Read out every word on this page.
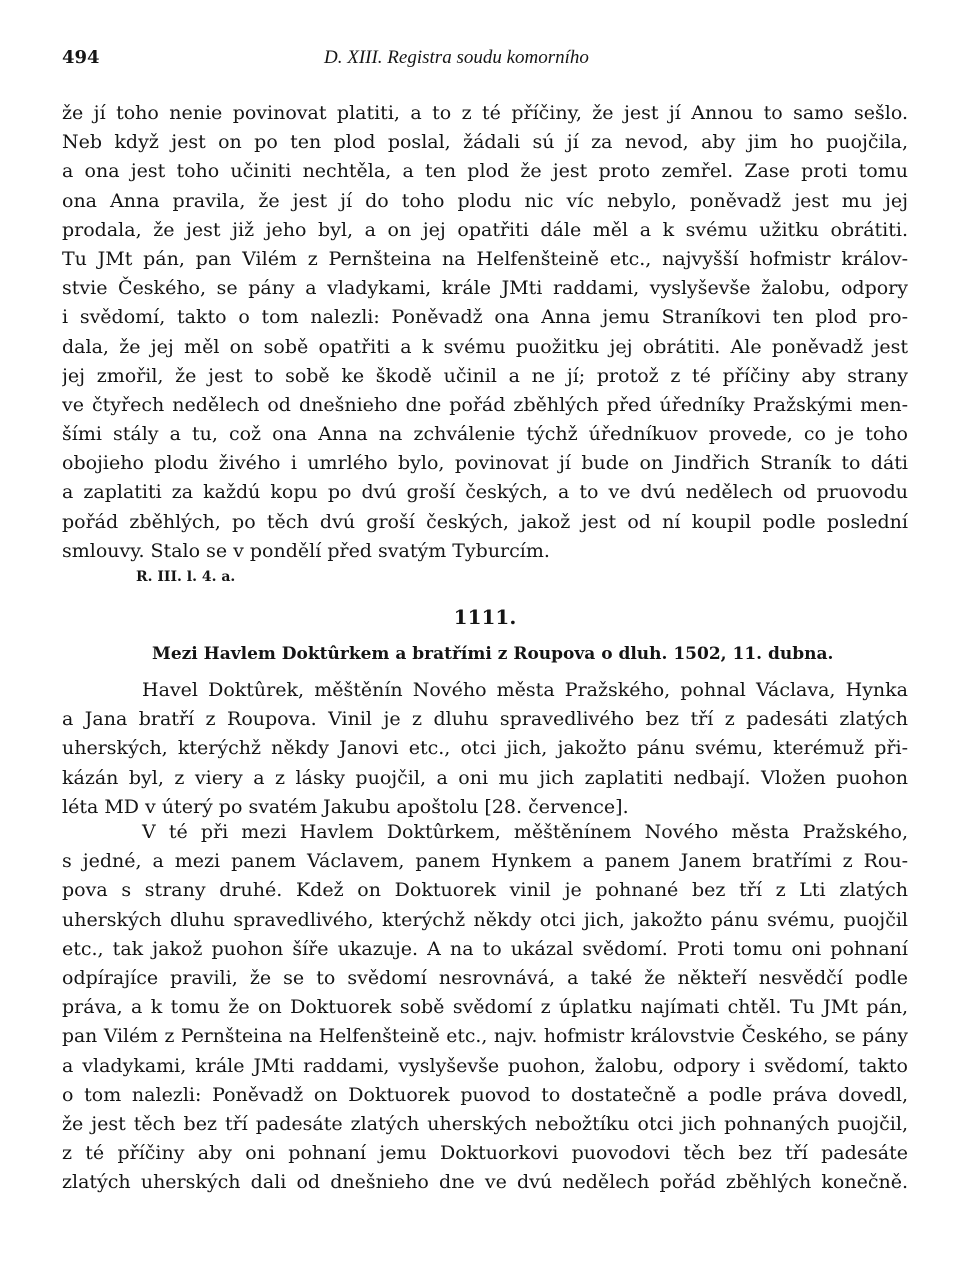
494	D. XIII. Registra soudu komorního
že jí toho nenie povinovat platiti, a to z té příčiny, že jest jí Annou to samo sešlo.
Neb když jest on po ten plod poslal, žádali sú jí za nevod, aby jim ho puojčila,
a ona jest toho učiniti nechtěla, a ten plod že jest proto zemřel. Zase proti tomu
ona Anna pravila, že jest jí do toho plodu nic víc nebylo, poněvadž jest mu jej
prodala, že jest již jeho byl, a on jej opatřiti dále měl a k svému užitku obrátiti.
Tu JMt pán, pan Vilém z Pernšteina na Helfenšteině etc., najvyšší hofmistr králov-
stvie Českého, se pány a vladykami, krále JMti raddami, vyslyševše žalobu, odpory
i svědomí, takto o tom nalezli: Poněvadž ona Anna jemu Straníkovi ten plod pro-
dala, že jej měl on sobě opatřiti a k svému puožitku jej obrátiti. Ale poněvadž jest
jej zmořil, že jest to sobě ke škodě učinil a ne jí; protož z té příčiny aby strany
ve čtyřech nedělech od dnešnieho dne pořád zběhlých před úředníky Pražskými men-
šími stály a tu, což ona Anna na zchválenie týchž úředníkuov provede, co je toho
obojieho plodu živého i umrlého bylo, povinovat jí bude on Jindřich Straník to dáti
a zaplatiti za každú kopu po dvú groší českých, a to ve dvú nedělech od pruovodu
pořád zběhlých, po těch dvú groší českých, jakož jest od ní koupil podle poslední
smlouvy. Stalo se v pondělí před svatým Tyburcím.
R. III. l. 4. a.
1111.
Mezi Havlem Doktûrkem a bratřími z Roupova o dluh. 1502, 11. dubna.
Havel Doktûrek, měštěnín Nového města Pražského, pohnal Václava, Hynka
a Jana bratří z Roupova. Vinil je z dluhu spravedlivého bez tří z padesáti zlatých
uherských, kterýchž někdy Janovi etc., otci jich, jakožto pánu svému, kterémuž při-
kázán byl, z viery a z lásky puojčil, a oni mu jich zaplatiti nedbají. Vložen puohon
léta MD v úterý po svatém Jakubu apoštolu [28. července].
V té při mezi Havlem Doktûrkem, měštěnínem Nového města Pražského,
s jedné, a mezi panem Václavem, panem Hynkem a panem Janem bratřími z Rou-
pova s strany druhé. Kdež on Doktuorek vinil je pohnané bez tří z Lti zlatých
uherských dluhu spravedlivého, kterýchž někdy otci jich, jakožto pánu svému, puojčil
etc., tak jakož puohon šíře ukazuje. A na to ukázal svědomí. Proti tomu oni pohnaní
odpírajíce pravili, že se to svědomí nesrovnává, a také že někteří nesvědčí podle
práva, a k tomu že on Doktuorek sobě svědomí z úplatku najímati chtěl. Tu JMt pán,
pan Vilém z Pernšteina na Helfenšteině etc., najv. hofmistr královstvie Českého, se pány
a vladykami, krále JMti raddami, vyslyševše puohon, žalobu, odpory i svědomí, takto
o tom nalezli: Poněvadž on Doktuorek puovod to dostatečně a podle práva dovedl,
že jest těch bez tří padesáte zlatých uherských nebožtíku otci jich pohnaných puojčil,
z té příčiny aby oni pohnaní jemu Doktuorkovi puovodovi těch bez tří padesáte
zlatých uherských dali od dnešnieho dne ve dvú nedělech pořád zběhlých konečně.
